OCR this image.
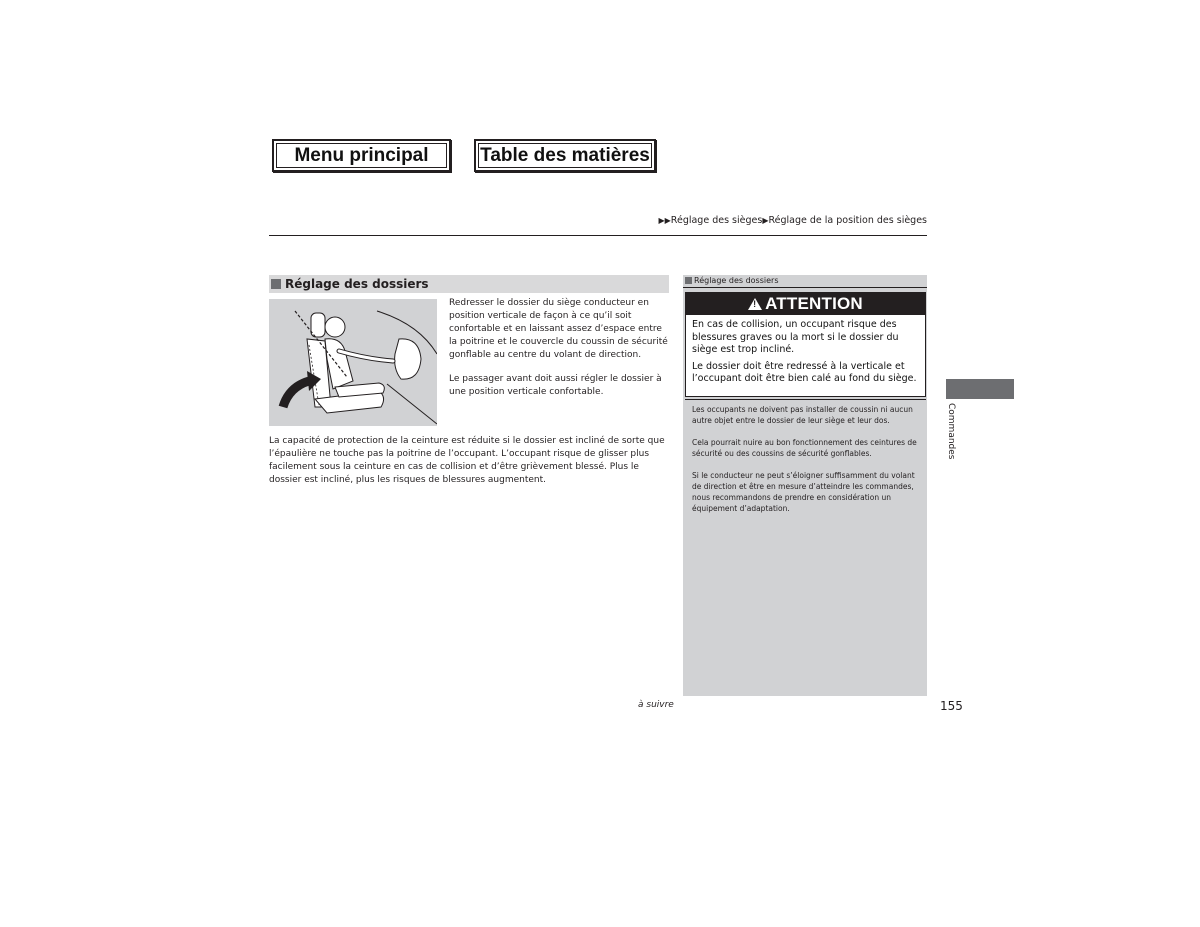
Menu principal	Table des matières
▶▶Réglage des sièges▶Réglage de la position des sièges
Réglage des dossiers
Redresser le dossier du siège conducteur en position verticale de façon à ce qu’il soit confortable et en laissant assez d’espace entre la poitrine et le couvercle du coussin de sécurité gonflable au centre du volant de direction.
Le passager avant doit aussi régler le dossier à une position verticale confortable.
La capacité de protection de la ceinture est réduite si le dossier est incliné de sorte que l’épaulière ne touche pas la poitrine de l’occupant. L’occupant risque de glisser plus facilement sous la ceinture en cas de collision et d’être grièvement blessé. Plus le dossier est incliné, plus les risques de blessures augmentent.
Réglage des dossiers
!
ATTENTION
En cas de collision, un occupant risque des blessures graves ou la mort si le dossier du siège est trop incliné.
Le dossier doit être redressé à la verticale et l’occupant doit être bien calé au fond du siège.
Les occupants ne doivent pas installer de coussin ni aucun autre objet entre le dossier de leur siège et leur dos.
Cela pourrait nuire au bon fonctionnement des ceintures de sécurité ou des coussins de sécurité gonflables.
Si le conducteur ne peut s’éloigner suffisamment du volant de direction et être en mesure d’atteindre les commandes, nous recommandons de prendre en considération un équipement d’adaptation.
Commandes
à suivre	155
